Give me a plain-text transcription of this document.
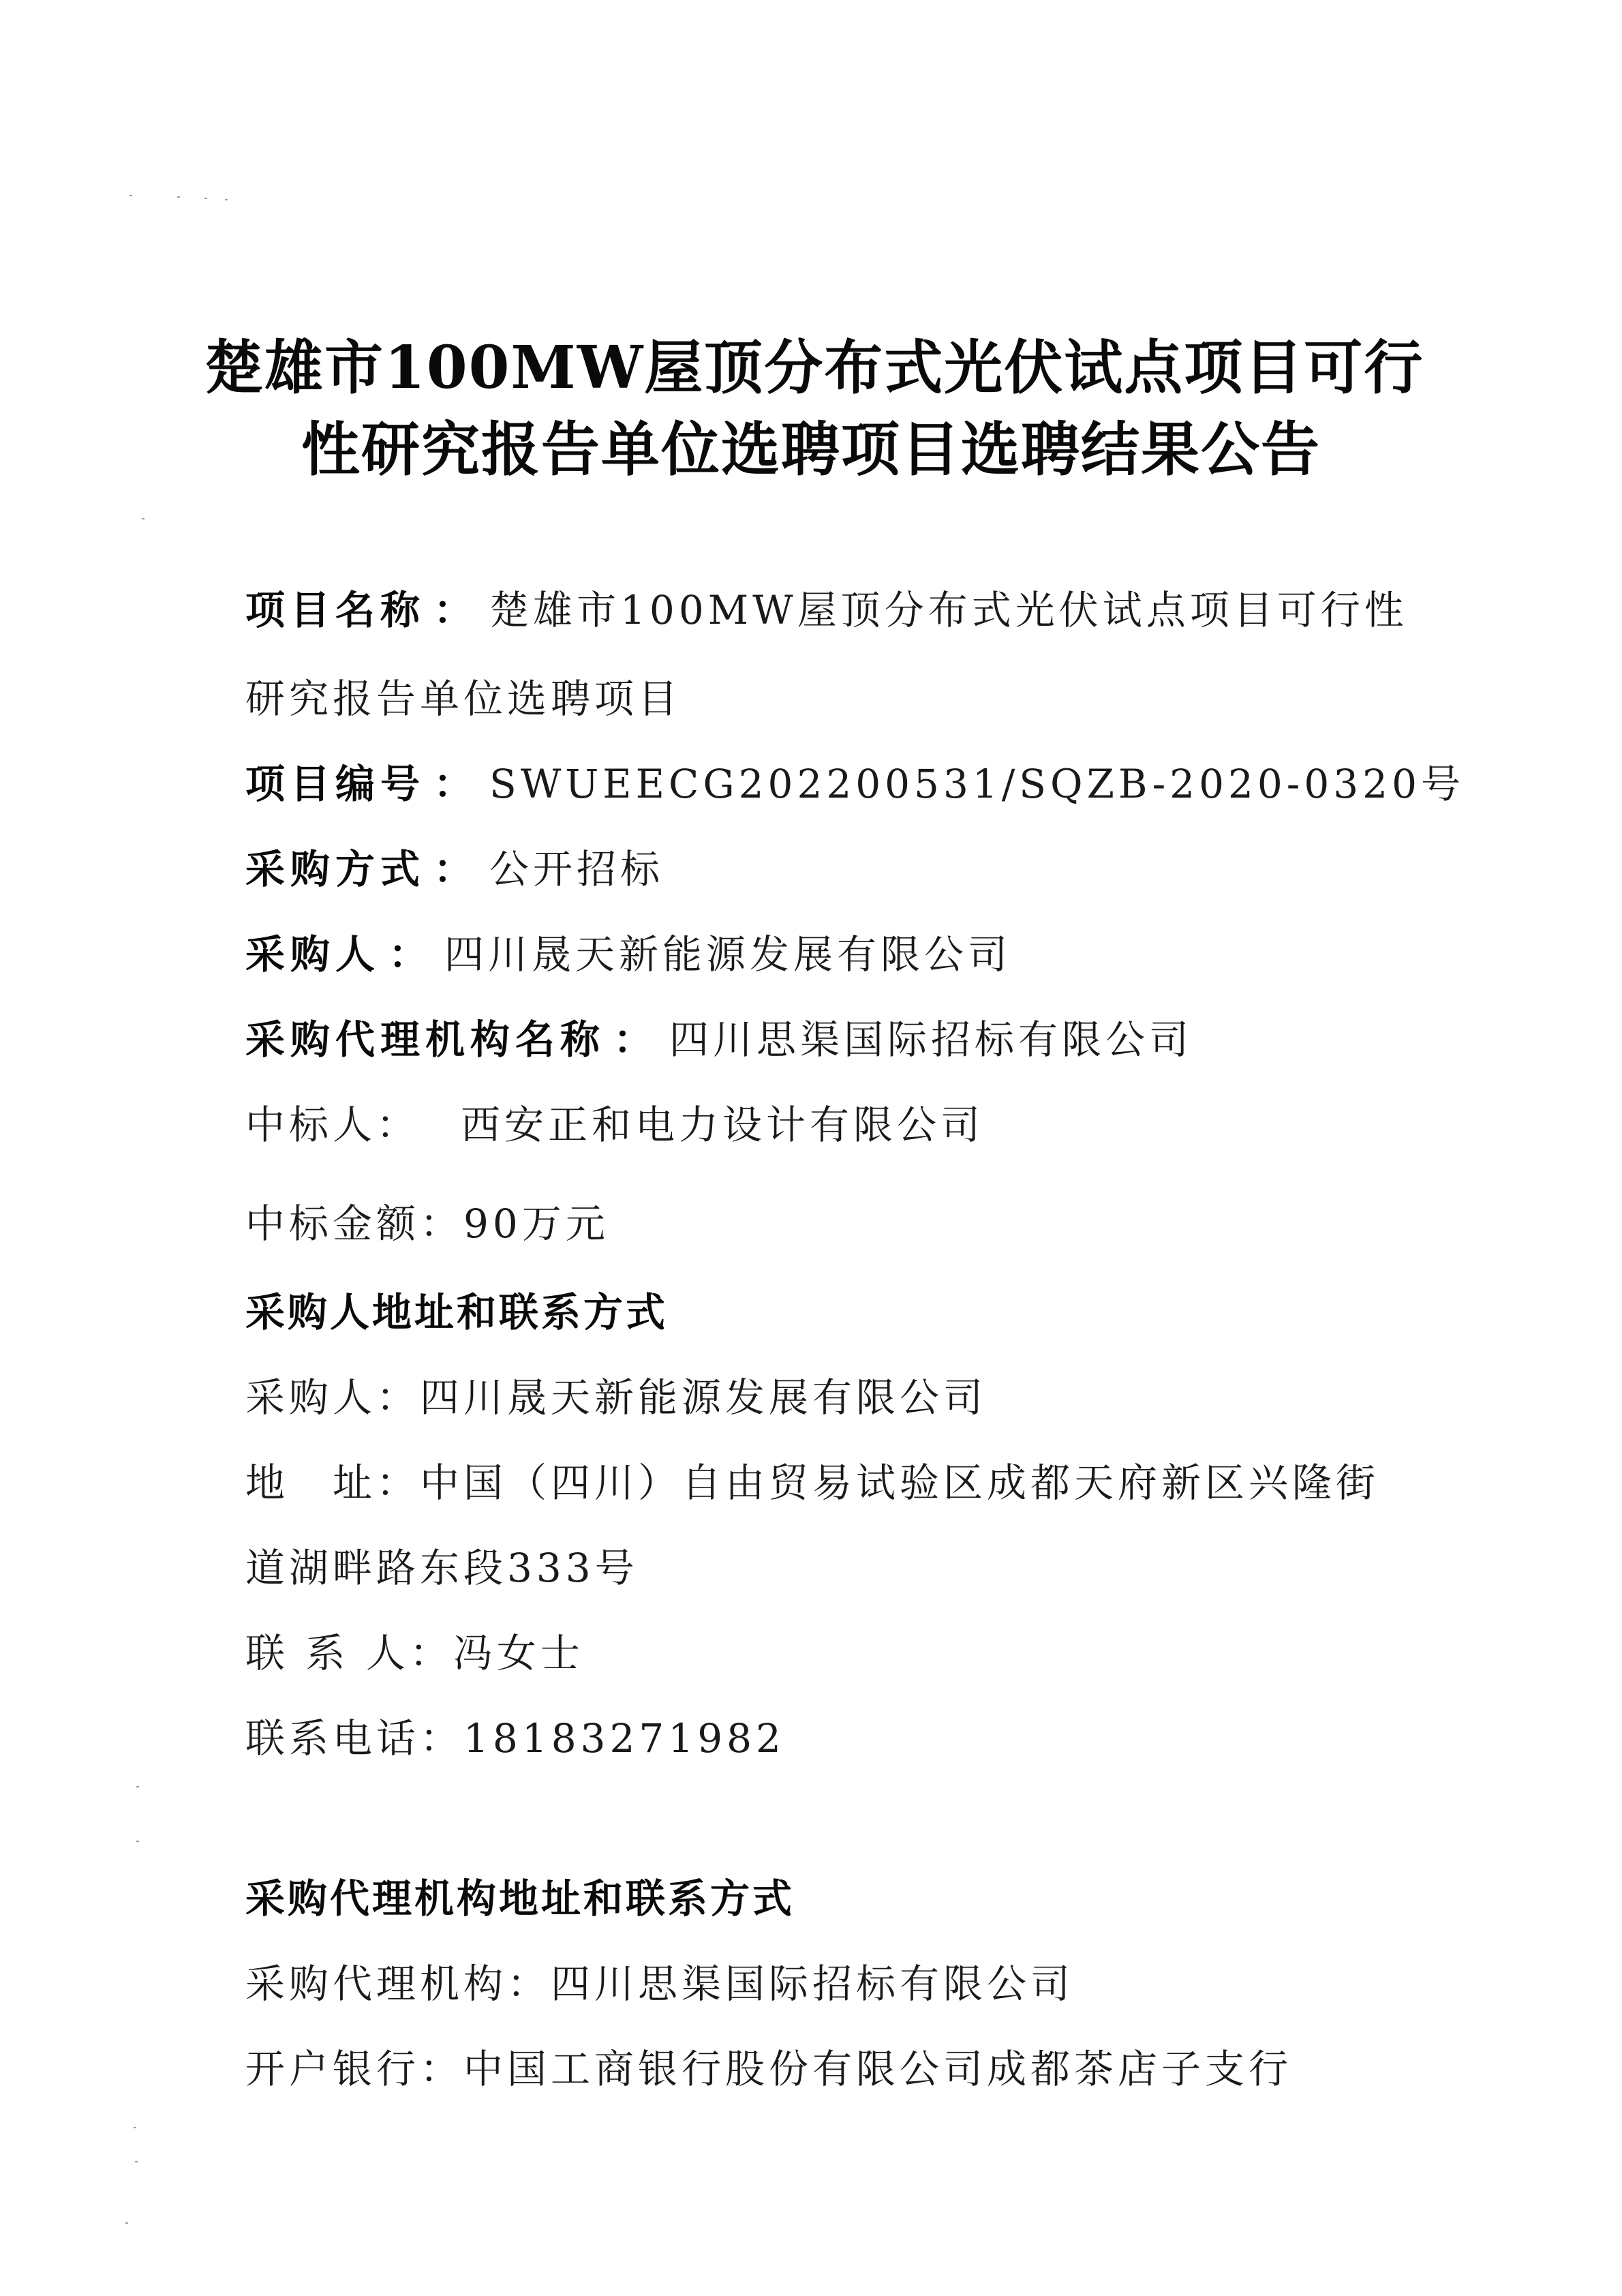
楚雄市100MW屋顶分布式光伏试点项目可行
性研究报告单位选聘项目选聘结果公告
项目名称 ： 楚雄市100MW屋顶分布式光伏试点项目可行性
研究报告单位选聘项目
项目编号 ： SWUEECG202200531/SQZB-2020-0320号
采购方式 ： 公开招标
采购人 ： 四川晟天新能源发展有限公司
采购代理机构名称 ： 四川思渠国际招标有限公司
中标人： 西安正和电力设计有限公司
中标金额：90万元
采购人地址和联系方式
采购人：四川晟天新能源发展有限公司
地　址：中国（四川）自由贸易试验区成都天府新区兴隆街
道湖畔路东段333号
联 系 人：冯女士
联系电话：18183271982
采购代理机构地址和联系方式
采购代理机构：四川思渠国际招标有限公司
开户银行：中国工商银行股份有限公司成都茶店子支行
